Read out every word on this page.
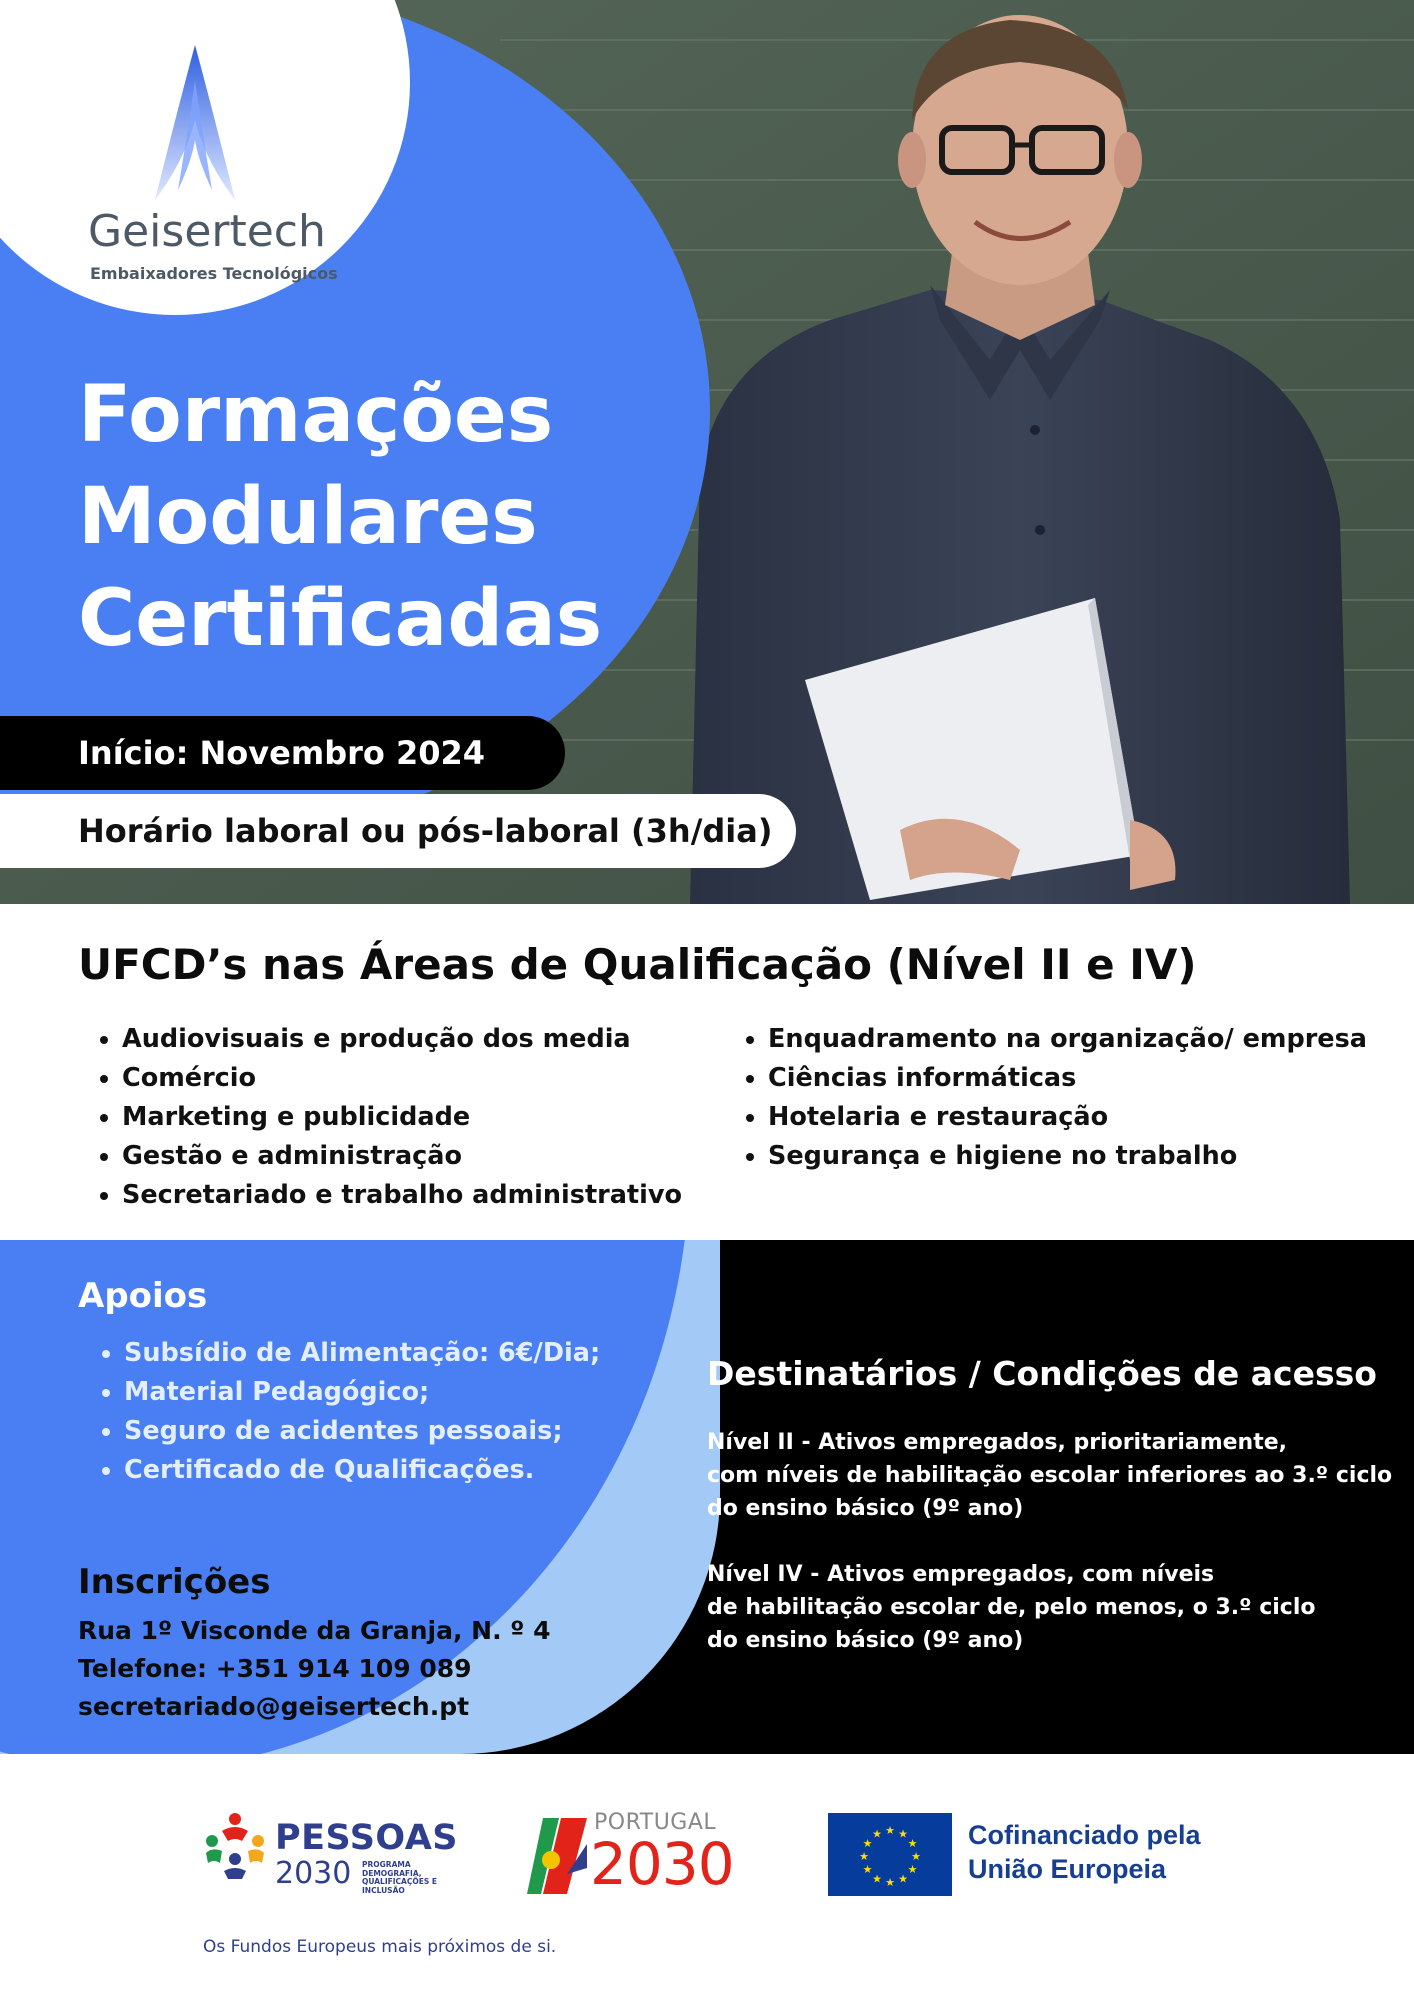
Geisertech
Embaixadores Tecnológicos
Formações
Modulares
Certificadas
Início: Novembro 2024
Horário laboral ou pós-laboral (3h/dia)
UFCD’s nas Áreas de Qualificação (Nível II e IV)
• Audiovisuais e produção dos media
• Comércio
• Marketing e publicidade
• Gestão e administração
• Secretariado e trabalho administrativo
• Enquadramento na organização/ empresa
• Ciências informáticas
• Hotelaria e restauração
• Segurança e higiene no trabalho
Apoios
• Subsídio de Alimentação: 6€/Dia;
• Material Pedagógico;
• Seguro de acidentes pessoais;
• Certificado de Qualificações.
Inscrições
Rua 1º Visconde da Granja, N. º 4
Telefone: +351 914 109 089
secretariado@geisertech.pt
Destinatários / Condições de acesso

Nível II - Ativos empregados, prioritariamente,
com níveis de habilitação escolar inferiores ao 3.º ciclo
do ensino básico (9º ano)

Nível IV - Ativos empregados, com níveis
de habilitação escolar de, pelo menos, o 3.º ciclo
do ensino básico (9º ano)

PESSOAS
2030 PROGRAMA DEMOGRAFIA, QUALIFICAÇÕES E INCLUSÃO
PORTUGAL
2030	★ ★
★
★
★
★
★
★
★
★
★
★	Cofinanciado pela
União Europeia
Os Fundos Europeus mais próximos de si.
